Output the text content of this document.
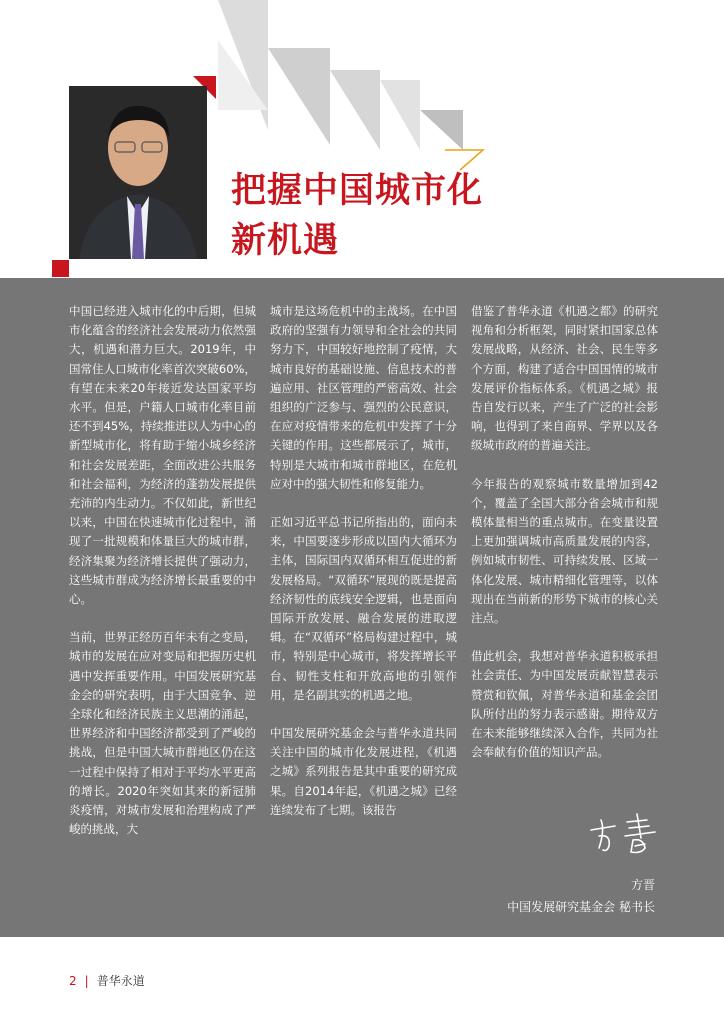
把握中国城市化
新机遇

中国已经进入城市化的中后期，但城市化蕴含的经济社会发展动力依然强大，机遇和潜力巨大。2019年，中国常住人口城市化率首次突破60%，有望在未来20年接近发达国家平均水平。但是，户籍人口城市化率目前还不到45%，持续推进以人为中心的新型城市化，将有助于缩小城乡经济和社会发展差距，全面改进公共服务和社会福利，为经济的蓬勃发展提供充沛的内生动力。不仅如此，新世纪以来，中国在快速城市化过程中，涌现了一批规模和体量巨大的城市群，经济集聚为经济增长提供了强动力，这些城市群成为经济增长最重要的中心。

当前，世界正经历百年未有之变局，城市的发展在应对变局和把握历史机遇中发挥重要作用。中国发展研究基金会的研究表明，由于大国竞争、逆全球化和经济民族主义思潮的涌起，世界经济和中国经济都受到了严峻的挑战，但是中国大城市群地区仍在这一过程中保持了相对于平均水平更高的增长。2020年突如其来的新冠肺炎疫情，对城市发展和治理构成了严峻的挑战，大

城市是这场危机中的主战场。在中国政府的坚强有力领导和全社会的共同努力下，中国较好地控制了疫情，大城市良好的基础设施、信息技术的普遍应用、社区管理的严密高效、社会组织的广泛参与、强烈的公民意识，在应对疫情带来的危机中发挥了十分关键的作用。这些都展示了，城市，特别是大城市和城市群地区，在危机应对中的强大韧性和修复能力。

正如习近平总书记所指出的，面向未来，中国要逐步形成以国内大循环为主体，国际国内双循环相互促进的新发展格局。“双循环”展现的既是提高经济韧性的底线安全逻辑，也是面向国际开放发展、融合发展的进取逻辑。在“双循环”格局构建过程中，城市，特别是中心城市，将发挥增长平台、韧性支柱和开放高地的引领作用，是名副其实的机遇之地。

中国发展研究基金会与普华永道共同关注中国的城市化发展进程，《机遇之城》系列报告是其中重要的研究成果。自2014年起，《机遇之城》已经连续发布了七期。该报告

借鉴了普华永道《机遇之都》的研究视角和分析框架，同时紧扣国家总体发展战略，从经济、社会、民生等多个方面，构建了适合中国国情的城市发展评价指标体系。《机遇之城》报告自发行以来，产生了广泛的社会影响，也得到了来自商界、学界以及各级城市政府的普遍关注。

今年报告的观察城市数量增加到42个，覆盖了全国大部分省会城市和规模体量相当的重点城市。在变量设置上更加强调城市高质量发展的内容，例如城市韧性、可持续发展、区域一体化发展、城市精细化管理等，以体现出在当前新的形势下城市的核心关注点。

借此机会，我想对普华永道积极承担社会责任、为中国发展贡献智慧表示赞赏和钦佩，对普华永道和基金会团队所付出的努力表示感谢。期待双方在未来能够继续深入合作，共同为社会奉献有价值的知识产品。

方晋
中国发展研究基金会 秘书长
2 | 普华永道
